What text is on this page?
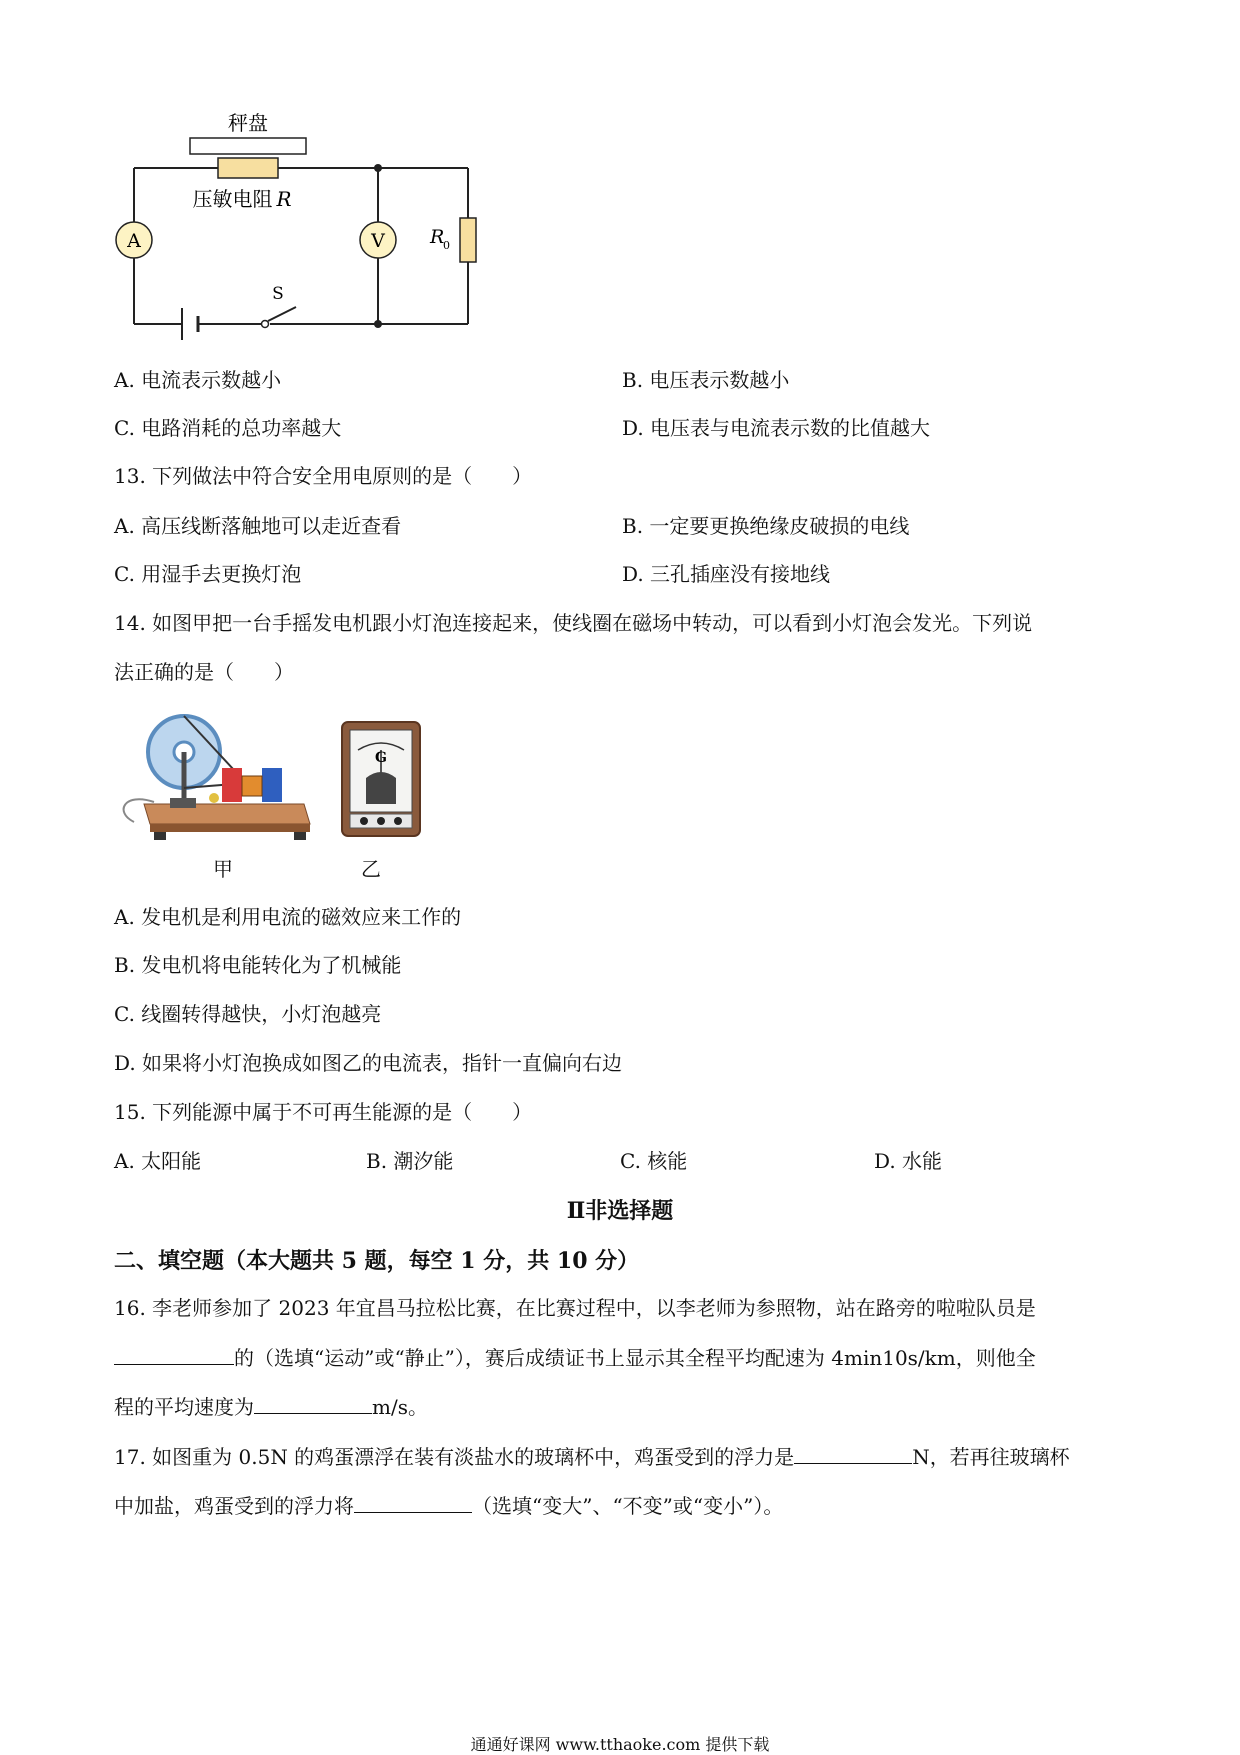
A	V R
0
S
秤盘
压敏电阻 R
A. 电流表示数越小	B. 电压表示数越小
C. 电路消耗的总功率越大	D. 电压表与电流表示数的比值越大
13. 下列做法中符合安全用电原则的是（　　）
A. 高压线断落触地可以走近查看	B. 一定要更换绝缘皮破损的电线
C. 用湿手去更换灯泡	D. 三孔插座没有接地线
14. 如图甲把一台手摇发电机跟小灯泡连接起来，使线圈在磁场中转动，可以看到小灯泡会发光。下列说
法正确的是（　　）
甲
G
乙
A. 发电机是利用电流的磁效应来工作的
B. 发电机将电能转化为了机械能
C. 线圈转得越快，小灯泡越亮
D. 如果将小灯泡换成如图乙的电流表，指针一直偏向右边
15. 下列能源中属于不可再生能源的是（　　）
A. 太阳能	B. 潮汐能	C. 核能	D. 水能
Ⅱ非选择题
二、填空题（本大题共 5 题，每空 1 分，共 10 分）
16. 李老师参加了 2023 年宜昌马拉松比赛，在比赛过程中，以李老师为参照物，站在路旁的啦啦队员是
的（选填“运动”或“静止”），赛后成绩证书上显示其全程平均配速为 4min10s/km，则他全
程的平均速度为	m/s。
17. 如图重为 0.5N 的鸡蛋漂浮在装有淡盐水的玻璃杯中，鸡蛋受到的浮力是	N，若再往玻璃杯
中加盐，鸡蛋受到的浮力将	（选填“变大”、“不变”或“变小”）。
通通好课网 www.tthaoke.com 提供下载
